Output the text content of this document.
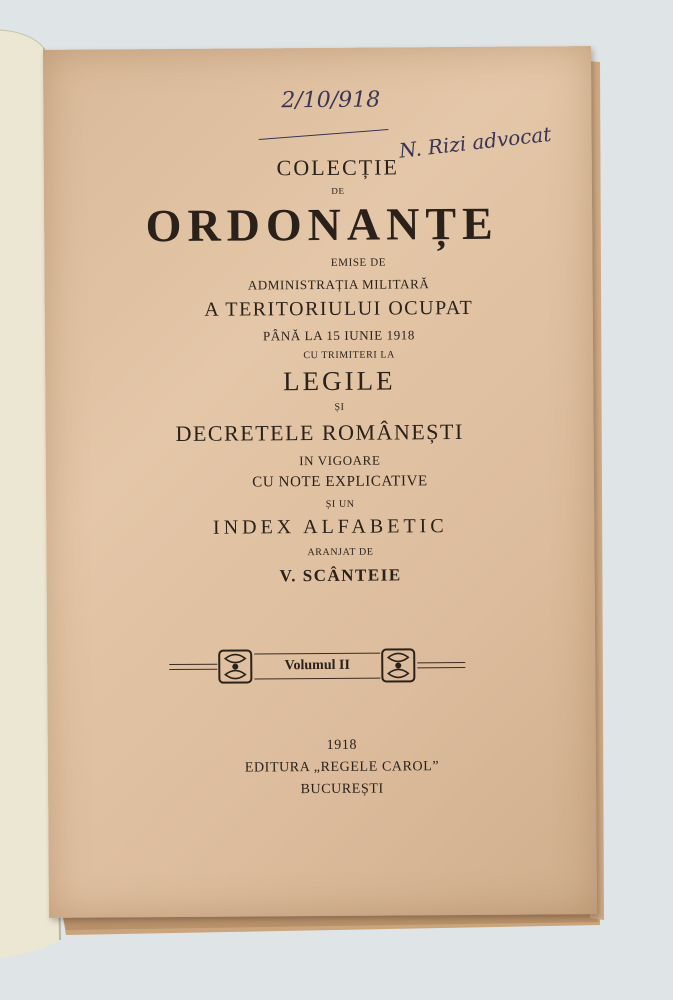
2/10/918
N. Rizi advocat
COLECȚIE
DE
ORDONANȚE
EMISE DE
ADMINISTRAȚIA MILITARĂ
A TERITORIULUI OCUPAT
PÂNĂ LA 15 IUNIE 1918
CU TRIMITERI LA
LEGILE
ȘI
DECRETELE ROMÂNEȘTI
IN VIGOARE
CU NOTE EXPLICATIVE
ȘI UN
INDEX ALFABETIC
ARANJAT DE
V. SCÂNTEIE
Volumul II
1918
EDITURA „REGELE CAROL”
BUCUREȘTI
